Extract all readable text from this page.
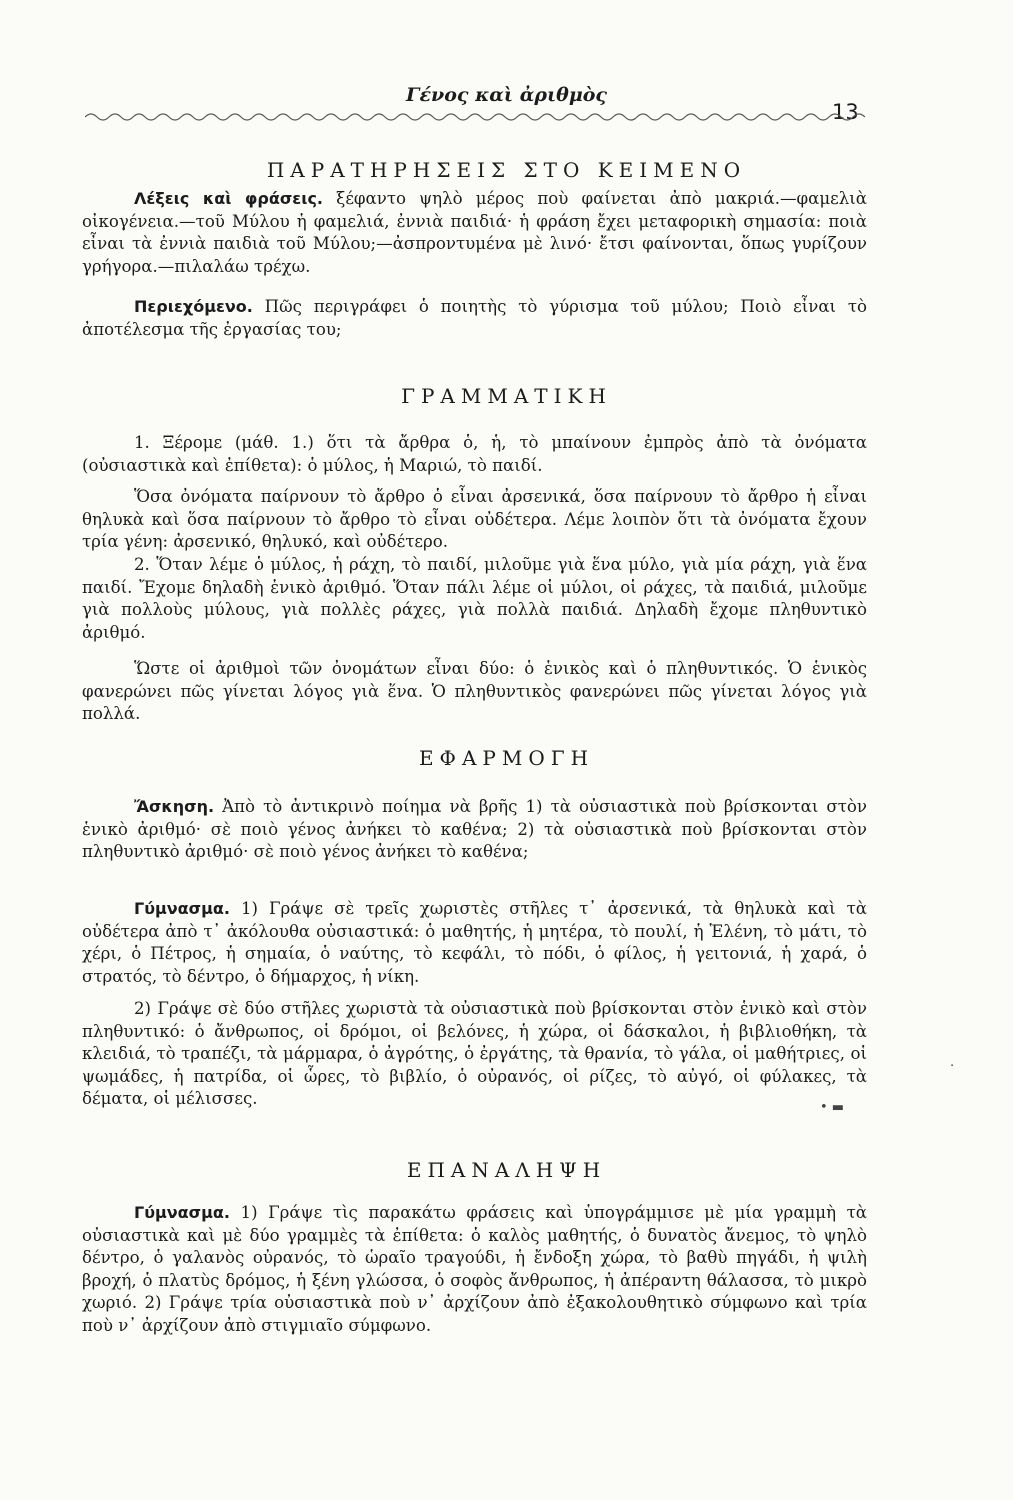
Γένος καὶ ἀριθμὸς
13
ΠΑΡΑΤΗΡΗΣΕΙΣ ΣΤΟ ΚΕΙΜΕΝΟ

Λέξεις καὶ φράσεις. ξέφαντο ψηλὸ μέρος ποὺ φαίνεται ἀπὸ μακριά.—φαμελιὰ οἰκογένεια.—τοῦ Μύλου ἡ φαμελιά, ἐννιὰ παιδιά· ἡ φράση ἔχει μεταφορικὴ σημασία: ποιὰ εἶναι τὰ ἐννιὰ παιδιὰ τοῦ Μύλου;—ἀσπροντυμένα μὲ λινό· ἔτσι φαίνονται, ὅπως γυρίζουν γρήγορα.—πιλαλάω τρέχω.

Περιεχόμενο. Πῶς περιγράφει ὁ ποιητὴς τὸ γύρισμα τοῦ μύλου; Ποιὸ εἶναι τὸ ἀποτέλεσμα τῆς ἐργασίας του;

ΓΡΑΜΜΑΤΙΚΗ

1. Ξέρομε (μάθ. 1.) ὅτι τὰ ἄρθρα ὁ, ἡ, τὸ μπαίνουν ἐμπρὸς ἀπὸ τὰ ὀνόματα (οὐσιαστικὰ καὶ ἐπίθετα): ὁ μύλος, ἡ Μαριώ, τὸ παιδί.

Ὅσα ὀνόματα παίρνουν τὸ ἄρθρο ὁ εἶναι ἀρσενικά, ὅσα παίρνουν τὸ ἄρθρο ἡ εἶναι θηλυκὰ καὶ ὅσα παίρνουν τὸ ἄρθρο τὸ εἶναι οὐδέτερα. Λέμε λοιπὸν ὅτι τὰ ὀνόματα ἔχουν τρία γένη: ἀρσενικό, θηλυκό, καὶ οὐδέτερο.

2. Ὅταν λέμε ὁ μύλος, ἡ ράχη, τὸ παιδί, μιλοῦμε γιὰ ἕνα μύλο, γιὰ μία ράχη, γιὰ ἕνα παιδί. Ἔχομε δηλαδὴ ἑνικὸ ἀριθμό. Ὅταν πάλι λέμε οἱ μύλοι, οἱ ράχες, τὰ παιδιά, μιλοῦμε γιὰ πολλοὺς μύλους, γιὰ πολλὲς ράχες, γιὰ πολλὰ παιδιά. Δηλαδὴ ἔχομε πληθυντικὸ ἀριθμό.

Ὥστε οἱ ἀριθμοὶ τῶν ὀνομάτων εἶναι δύο: ὁ ἑνικὸς καὶ ὁ πληθυντικός. Ὁ ἑνικὸς φανερώνει πῶς γίνεται λόγος γιὰ ἕνα. Ὁ πληθυντικὸς φανερώνει πῶς γίνεται λόγος γιὰ πολλά.

ΕΦΑΡΜΟΓΗ

Ἄσκηση. Ἀπὸ τὸ ἀντικρινὸ ποίημα νὰ βρῆς 1) τὰ οὐσιαστικὰ ποὺ βρίσκονται στὸν ἑνικὸ ἀριθμό· σὲ ποιὸ γένος ἀνήκει τὸ καθένα; 2) τὰ οὐσιαστικὰ ποὺ βρίσκονται στὸν πληθυντικὸ ἀριθμό· σὲ ποιὸ γένος ἀνήκει τὸ καθένα;

Γύμνασμα. 1) Γράψε σὲ τρεῖς χωριστὲς στῆλες τ᾽ ἀρσενικά, τὰ θηλυκὰ καὶ τὰ οὐδέτερα ἀπὸ τ᾽ ἀκόλουθα οὐσιαστικά: ὁ μαθητής, ἡ μητέρα, τὸ πουλί, ἡ Ἑλένη, τὸ μάτι, τὸ χέρι, ὁ Πέτρος, ἡ σημαία, ὁ ναύτης, τὸ κεφάλι, τὸ πόδι, ὁ φίλος, ἡ γειτονιά, ἡ χαρά, ὁ στρατός, τὸ δέντρο, ὁ δήμαρχος, ἡ νίκη.

2) Γράψε σὲ δύο στῆλες χωριστὰ τὰ οὐσιαστικὰ ποὺ βρίσκονται στὸν ἑνικὸ καὶ στὸν πληθυντικό: ὁ ἄνθρωπος, οἱ δρόμοι, οἱ βελόνες, ἡ χώρα, οἱ δάσκαλοι, ἡ βιβλιοθήκη, τὰ κλειδιά, τὸ τραπέζι, τὰ μάρμαρα, ὁ ἀγρότης, ὁ ἐργάτης, τὰ θρανία, τὸ γάλα, οἱ μαθήτριες, οἱ ψωμάδες, ἡ πατρίδα, οἱ ὧρες, τὸ βιβλίο, ὁ οὐρανός, οἱ ρίζες, τὸ αὐγό, οἱ φύλακες, τὰ δέματα, οἱ μέλισσες.

.
• ▬
ΕΠΑΝΑΛΗΨΗ

Γύμνασμα. 1) Γράψε τὶς παρακάτω φράσεις καὶ ὑπογράμμισε μὲ μία γραμμὴ τὰ οὐσιαστικὰ καὶ μὲ δύο γραμμὲς τὰ ἐπίθετα: ὁ καλὸς μαθητής, ὁ δυνατὸς ἄνεμος, τὸ ψηλὸ δέντρο, ὁ γαλανὸς οὐρανός, τὸ ὡραῖο τραγούδι, ἡ ἔνδοξη χώρα, τὸ βαθὺ πηγάδι, ἡ ψιλὴ βροχή, ὁ πλατὺς δρόμος, ἡ ξένη γλώσσα, ὁ σοφὸς ἄνθρωπος, ἡ ἀπέραντη θάλασσα, τὸ μικρὸ χωριό. 2) Γράψε τρία οὐσιαστικὰ ποὺ ν᾽ ἀρχίζουν ἀπὸ ἐξακολουθητικὸ σύμφωνο καὶ τρία ποὺ ν᾽ ἀρχίζουν ἀπὸ στιγμιαῖο σύμφωνο.
